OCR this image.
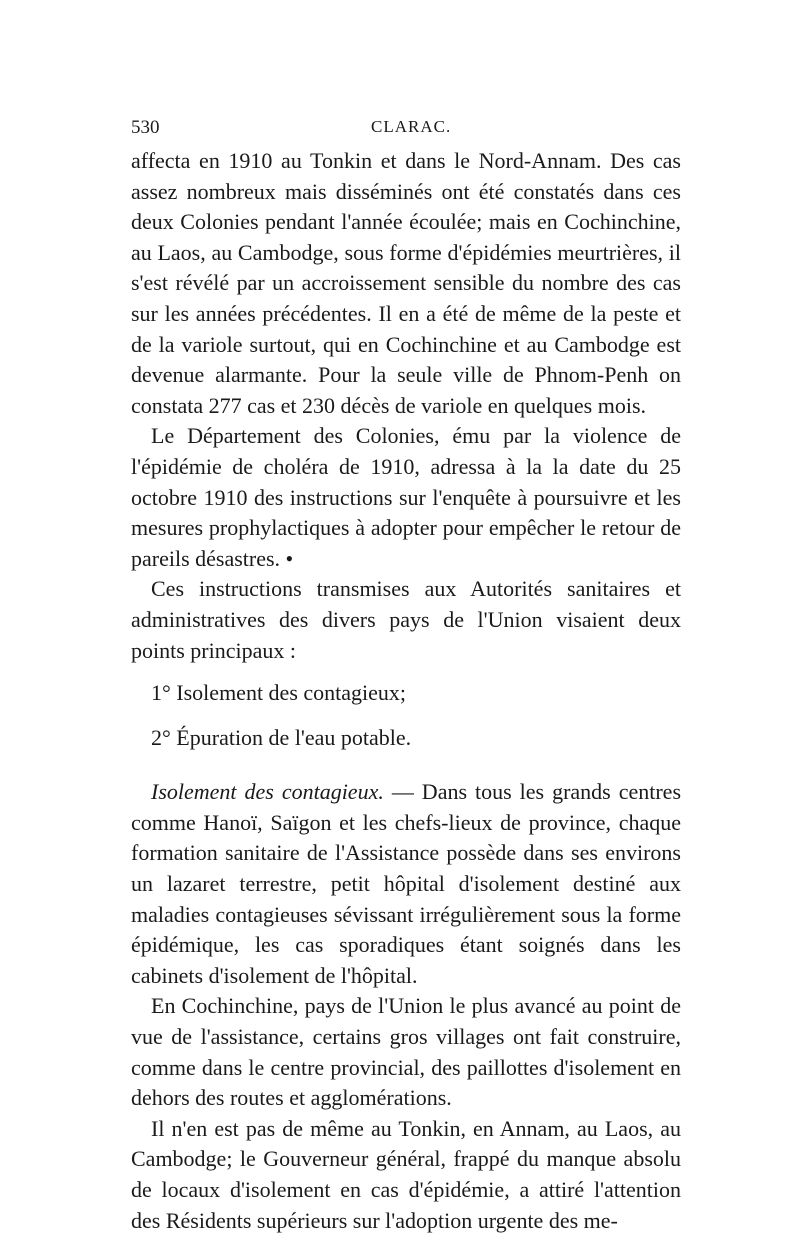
530	CLARAC.

affecta en 1910 au Tonkin et dans le Nord-Annam. Des cas assez nombreux mais disséminés ont été constatés dans ces deux Colonies pendant l'année écoulée; mais en Cochinchine, au Laos, au Cambodge, sous forme d'épidémies meurtrières, il s'est révélé par un accroissement sensible du nombre des cas sur les années précédentes. Il en a été de même de la peste et de la variole surtout, qui en Cochinchine et au Cambodge est devenue alarmante. Pour la seule ville de Phnom-Penh on constata 277 cas et 230 décès de variole en quelques mois.

Le Département des Colonies, ému par la violence de l'épidémie de choléra de 1910, adressa à la la date du 25 octobre 1910 des instructions sur l'enquête à poursuivre et les mesures prophylactiques à adopter pour empêcher le retour de pareils désastres. •

Ces instructions transmises aux Autorités sanitaires et administratives des divers pays de l'Union visaient deux points principaux :

1° Isolement des contagieux;

2° Épuration de l'eau potable.

Isolement des contagieux. — Dans tous les grands centres comme Hanoï, Saïgon et les chefs-lieux de province, chaque formation sanitaire de l'Assistance possède dans ses environs un lazaret terrestre, petit hôpital d'isolement destiné aux maladies contagieuses sévissant irrégulièrement sous la forme épidémique, les cas sporadiques étant soignés dans les cabinets d'isolement de l'hôpital.

En Cochinchine, pays de l'Union le plus avancé au point de vue de l'assistance, certains gros villages ont fait construire, comme dans le centre provincial, des paillottes d'isolement en dehors des routes et agglomérations.

Il n'en est pas de même au Tonkin, en Annam, au Laos, au Cambodge; le Gouverneur général, frappé du manque absolu de locaux d'isolement en cas d'épidémie, a attiré l'attention des Résidents supérieurs sur l'adoption urgente des me-
